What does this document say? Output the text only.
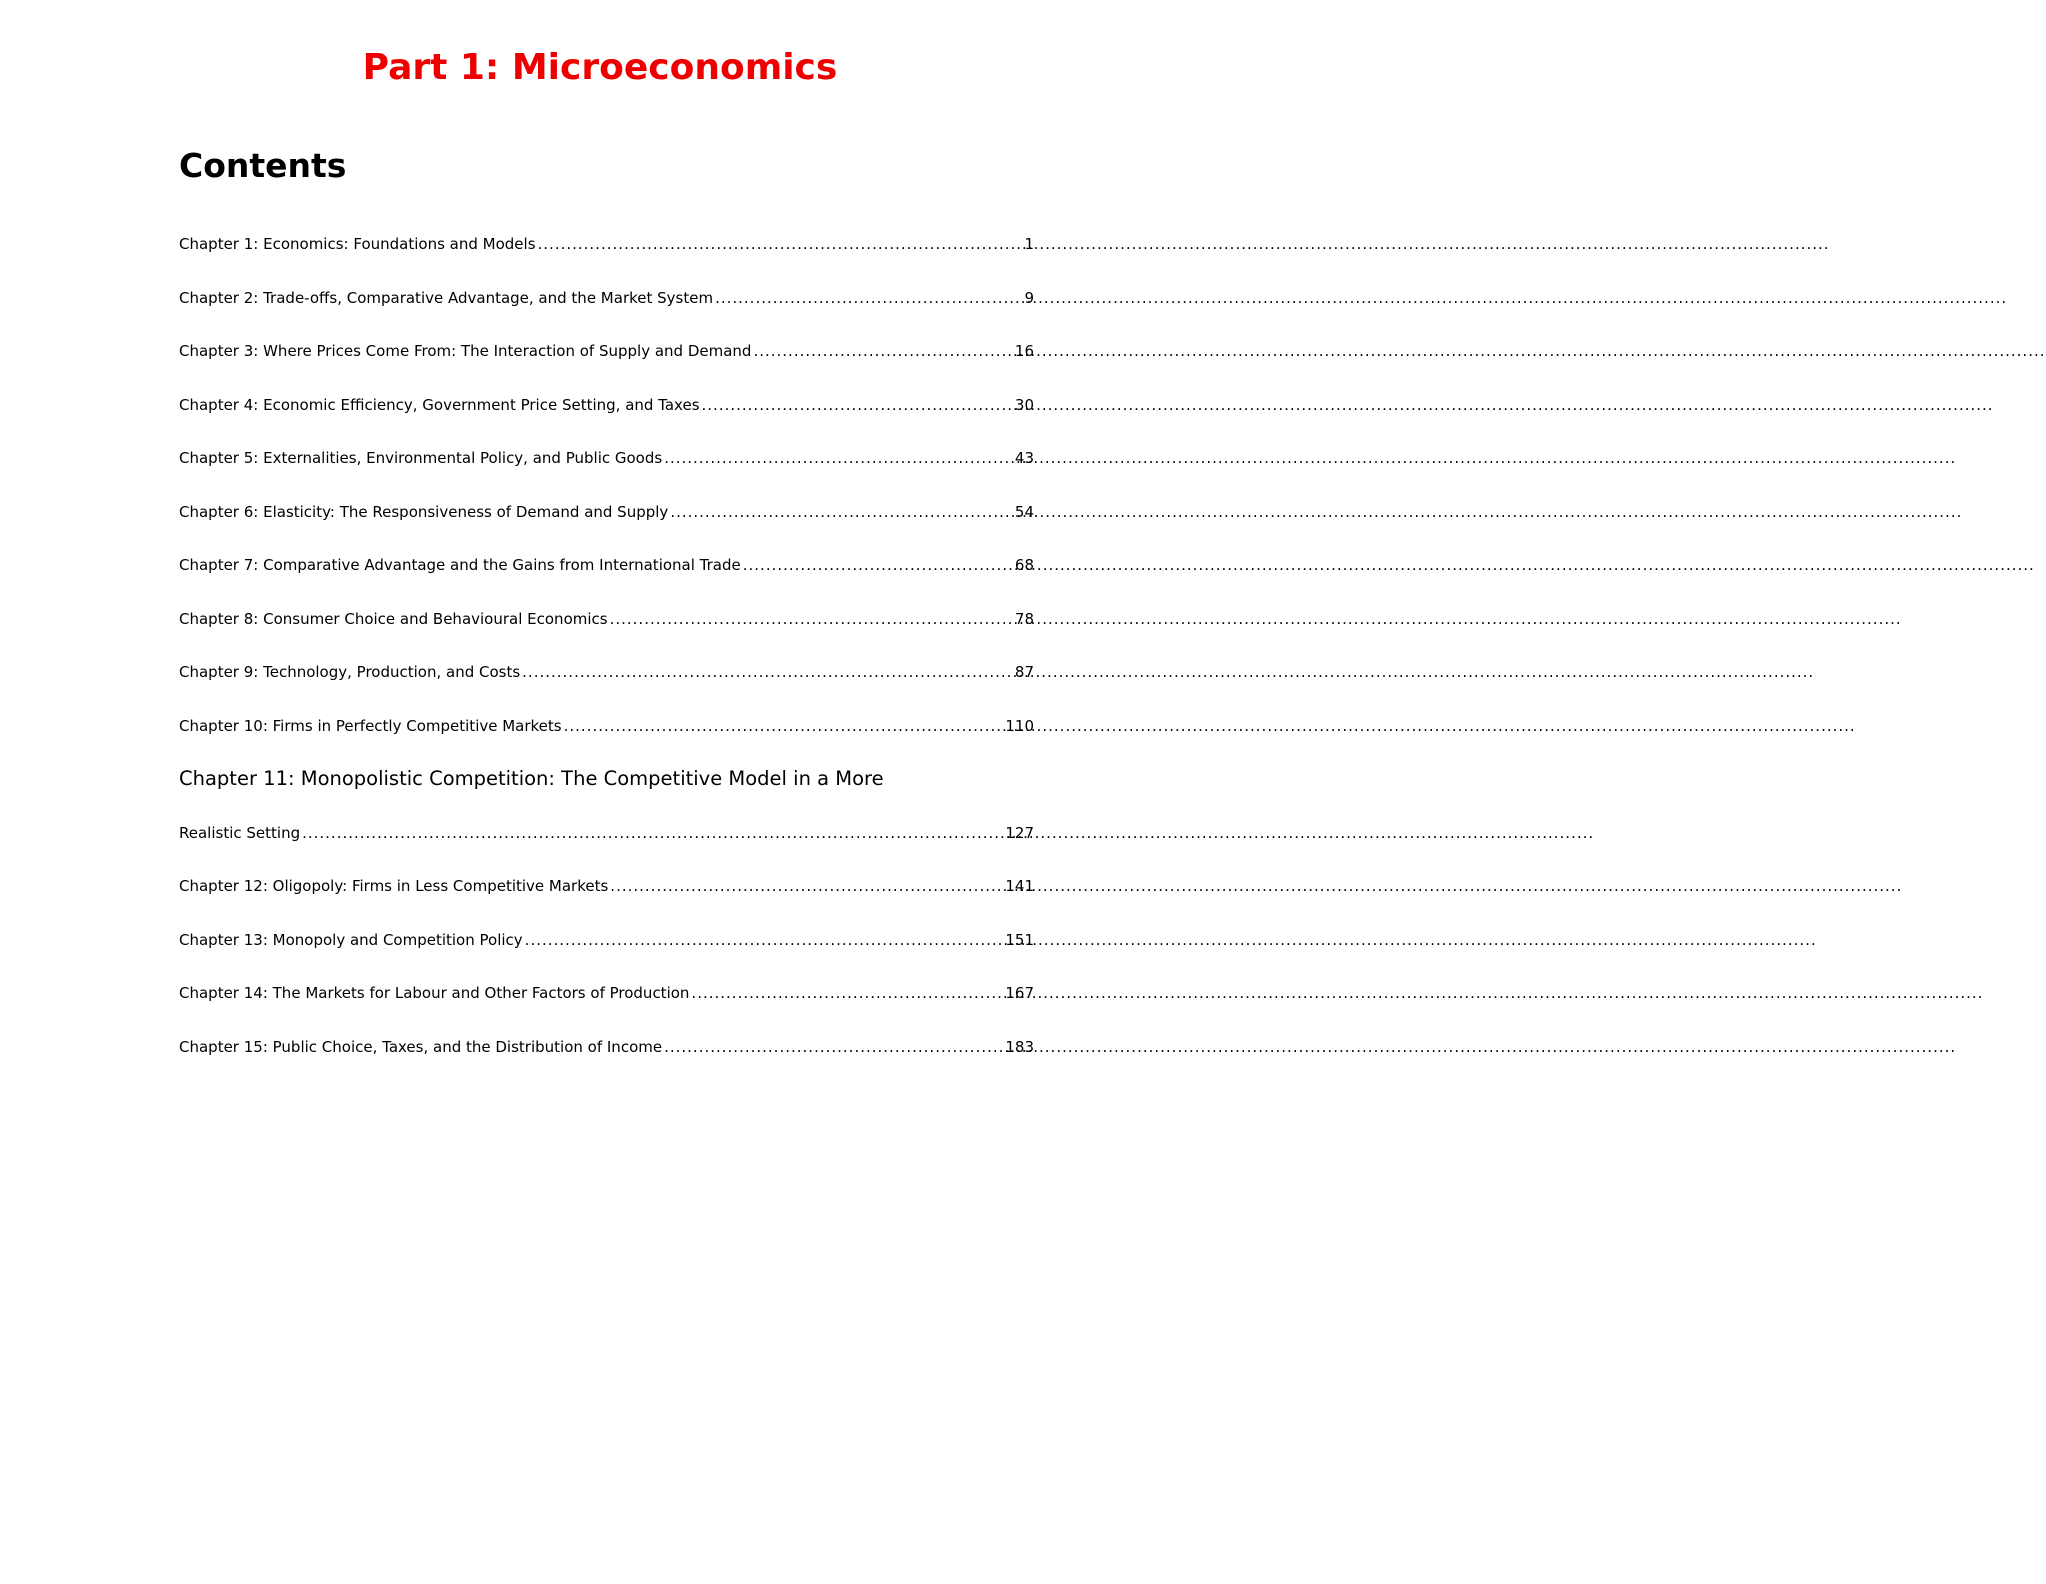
Part 1: Microeconomics
Contents
Chapter 1: Economics: Foundations and Models .....	1
Chapter 2: Trade-offs, Comparative Advantage, and the Market System .....	9
Chapter 3: Where Prices Come From: The Interaction of Supply and Demand .....	16
Chapter 4: Economic Efficiency, Government Price Setting, and Taxes .....	30
Chapter 5: Externalities, Environmental Policy, and Public Goods .....	43
Chapter 6: Elasticity: The Responsiveness of Demand and Supply .....	54
Chapter 7: Comparative Advantage and the Gains from International Trade .....	68
Chapter 8: Consumer Choice and Behavioural Economics .....	78
Chapter 9: Technology, Production, and Costs .....	87
Chapter 10: Firms in Perfectly Competitive Markets .....	110
Chapter 11: Monopolistic Competition: The Competitive Model in a More
Realistic Setting .....	127
Chapter 12: Oligopoly: Firms in Less Competitive Markets .....	141
Chapter 13: Monopoly and Competition Policy .....	151
Chapter 14: The Markets for Labour and Other Factors of Production .....	167
Chapter 15: Public Choice, Taxes, and the Distribution of Income .....	183
